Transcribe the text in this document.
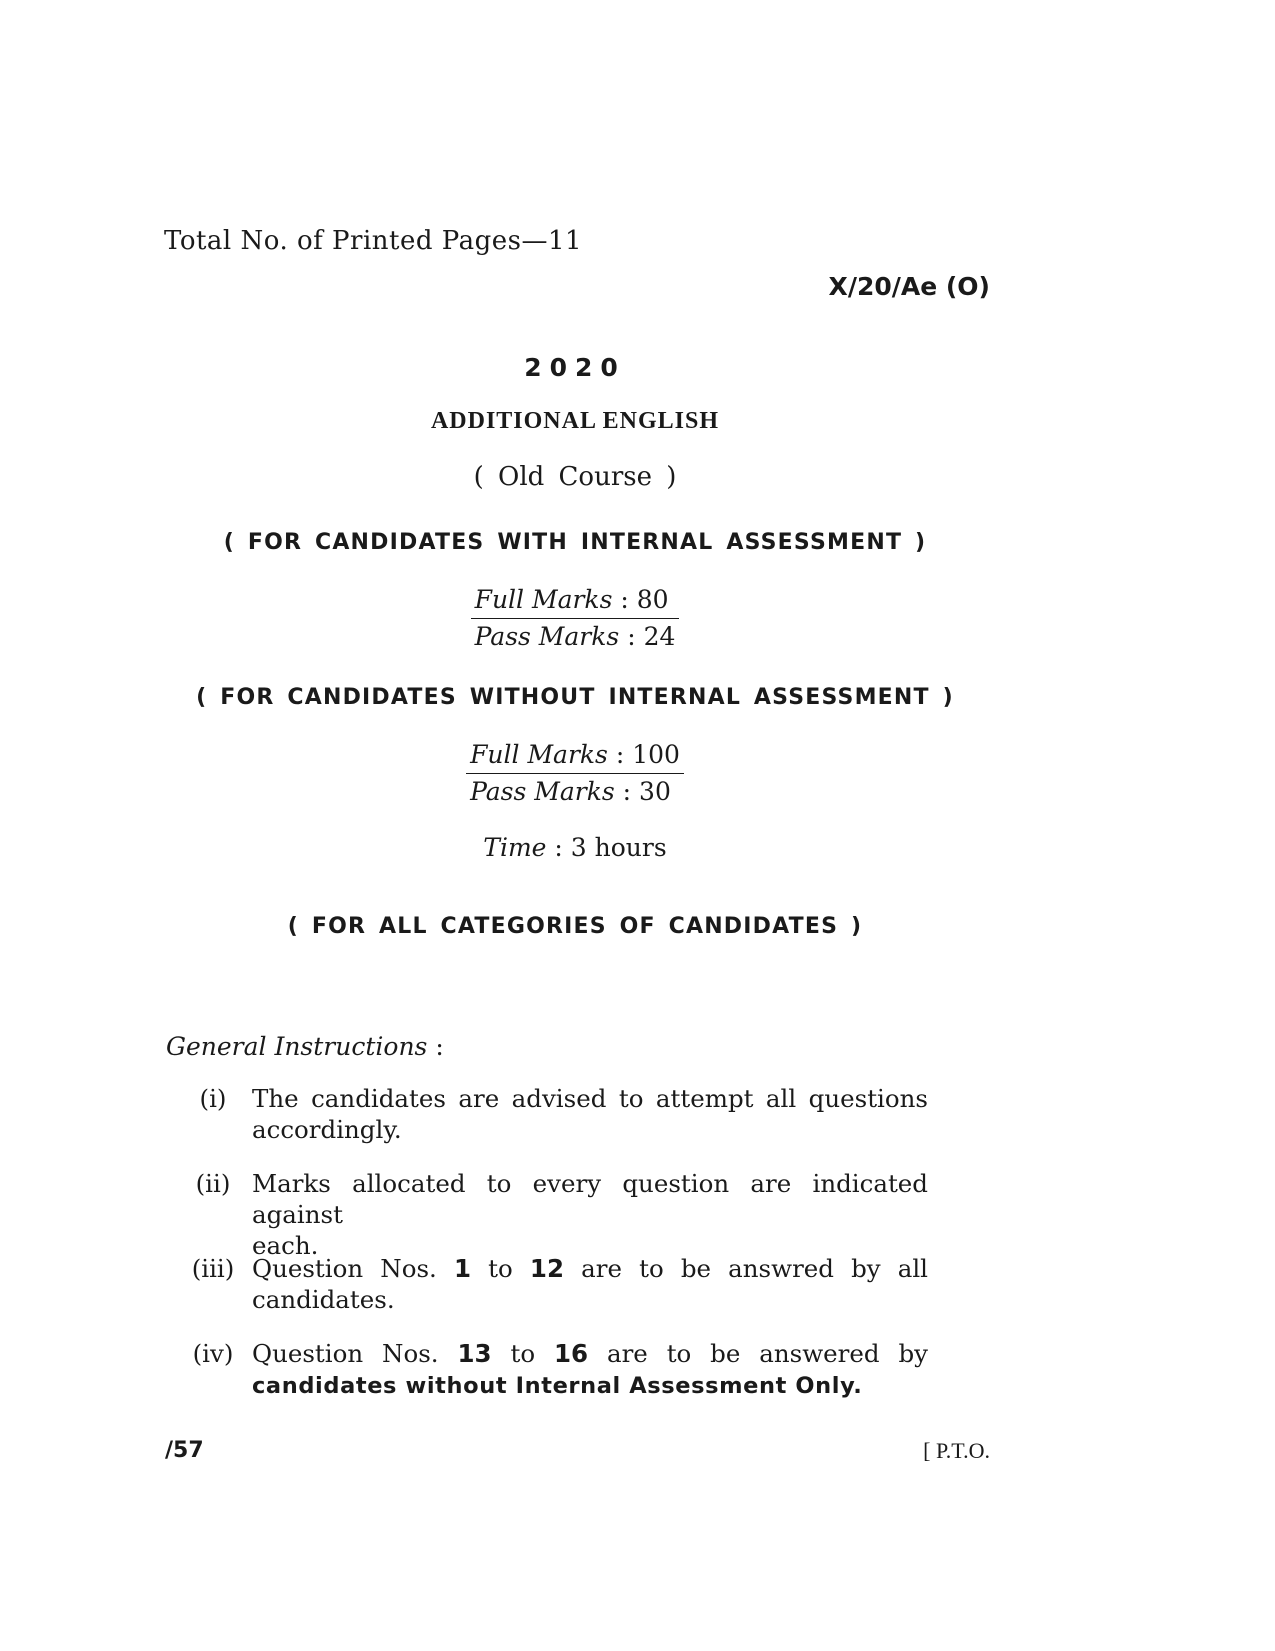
Total No. of Printed Pages—11
X/20/Ae (O)
2020
ADDITIONAL ENGLISH
( Old Course )
( FOR CANDIDATES WITH INTERNAL ASSESSMENT )
Full Marks : 80
Pass Marks : 24
( FOR CANDIDATES WITHOUT INTERNAL ASSESSMENT )
Full Marks : 100
Pass Marks : 30
Time : 3 hours
( FOR ALL CATEGORIES OF CANDIDATES )
General Instructions :
(i)	The candidates are advised to attempt all questions
accordingly.
(ii) Marks allocated to every question are indicated against
each.
(iii) Question Nos. 1 to 12 are to be answred by all
candidates.
(iv) Question Nos. 13 to 16 are to be answered by
candidates without Internal Assessment Only.
/57	[ P.T.O.
